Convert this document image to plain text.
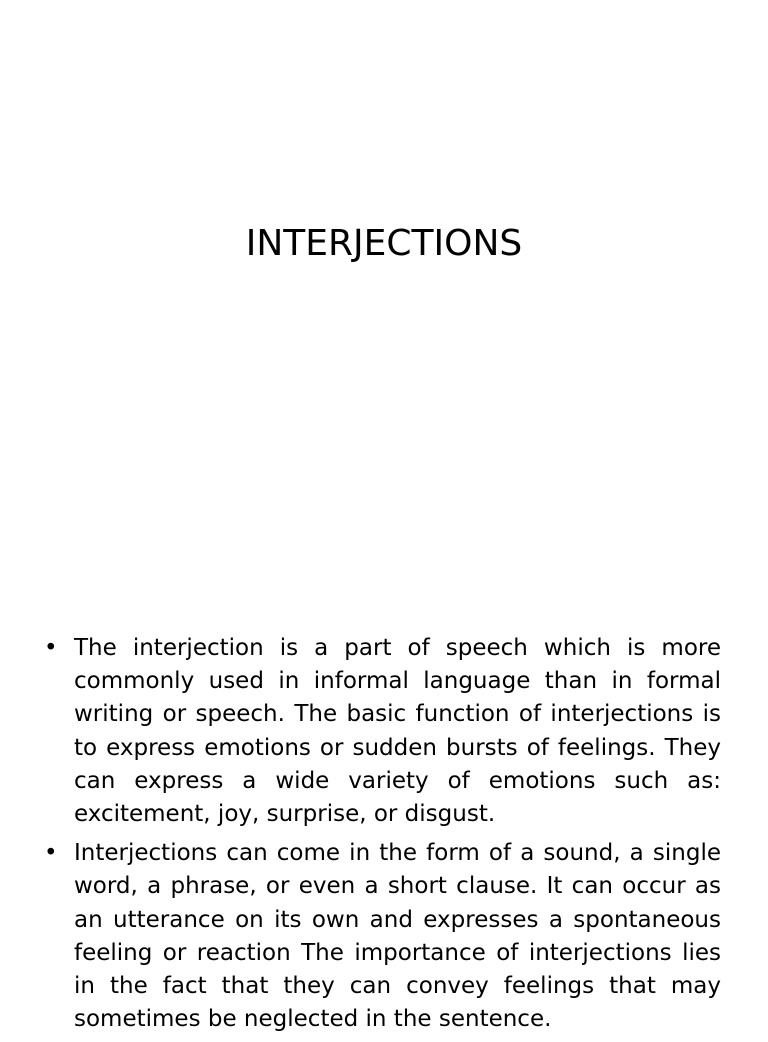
INTERJECTIONS
• The interjection is a part of speech which is more commonly used in informal language than in formal writing or speech. The basic function of interjections is to express emotions or sudden bursts of feelings. They can express a wide variety of emotions such as: excitement, joy, surprise, or disgust.
• Interjections can come in the form of a sound, a single word, a phrase, or even a short clause. It can occur as an utterance on its own and expresses a spontaneous feeling or reaction The importance of interjections lies in the fact that they can convey feelings that may sometimes be neglected in the sentence.
